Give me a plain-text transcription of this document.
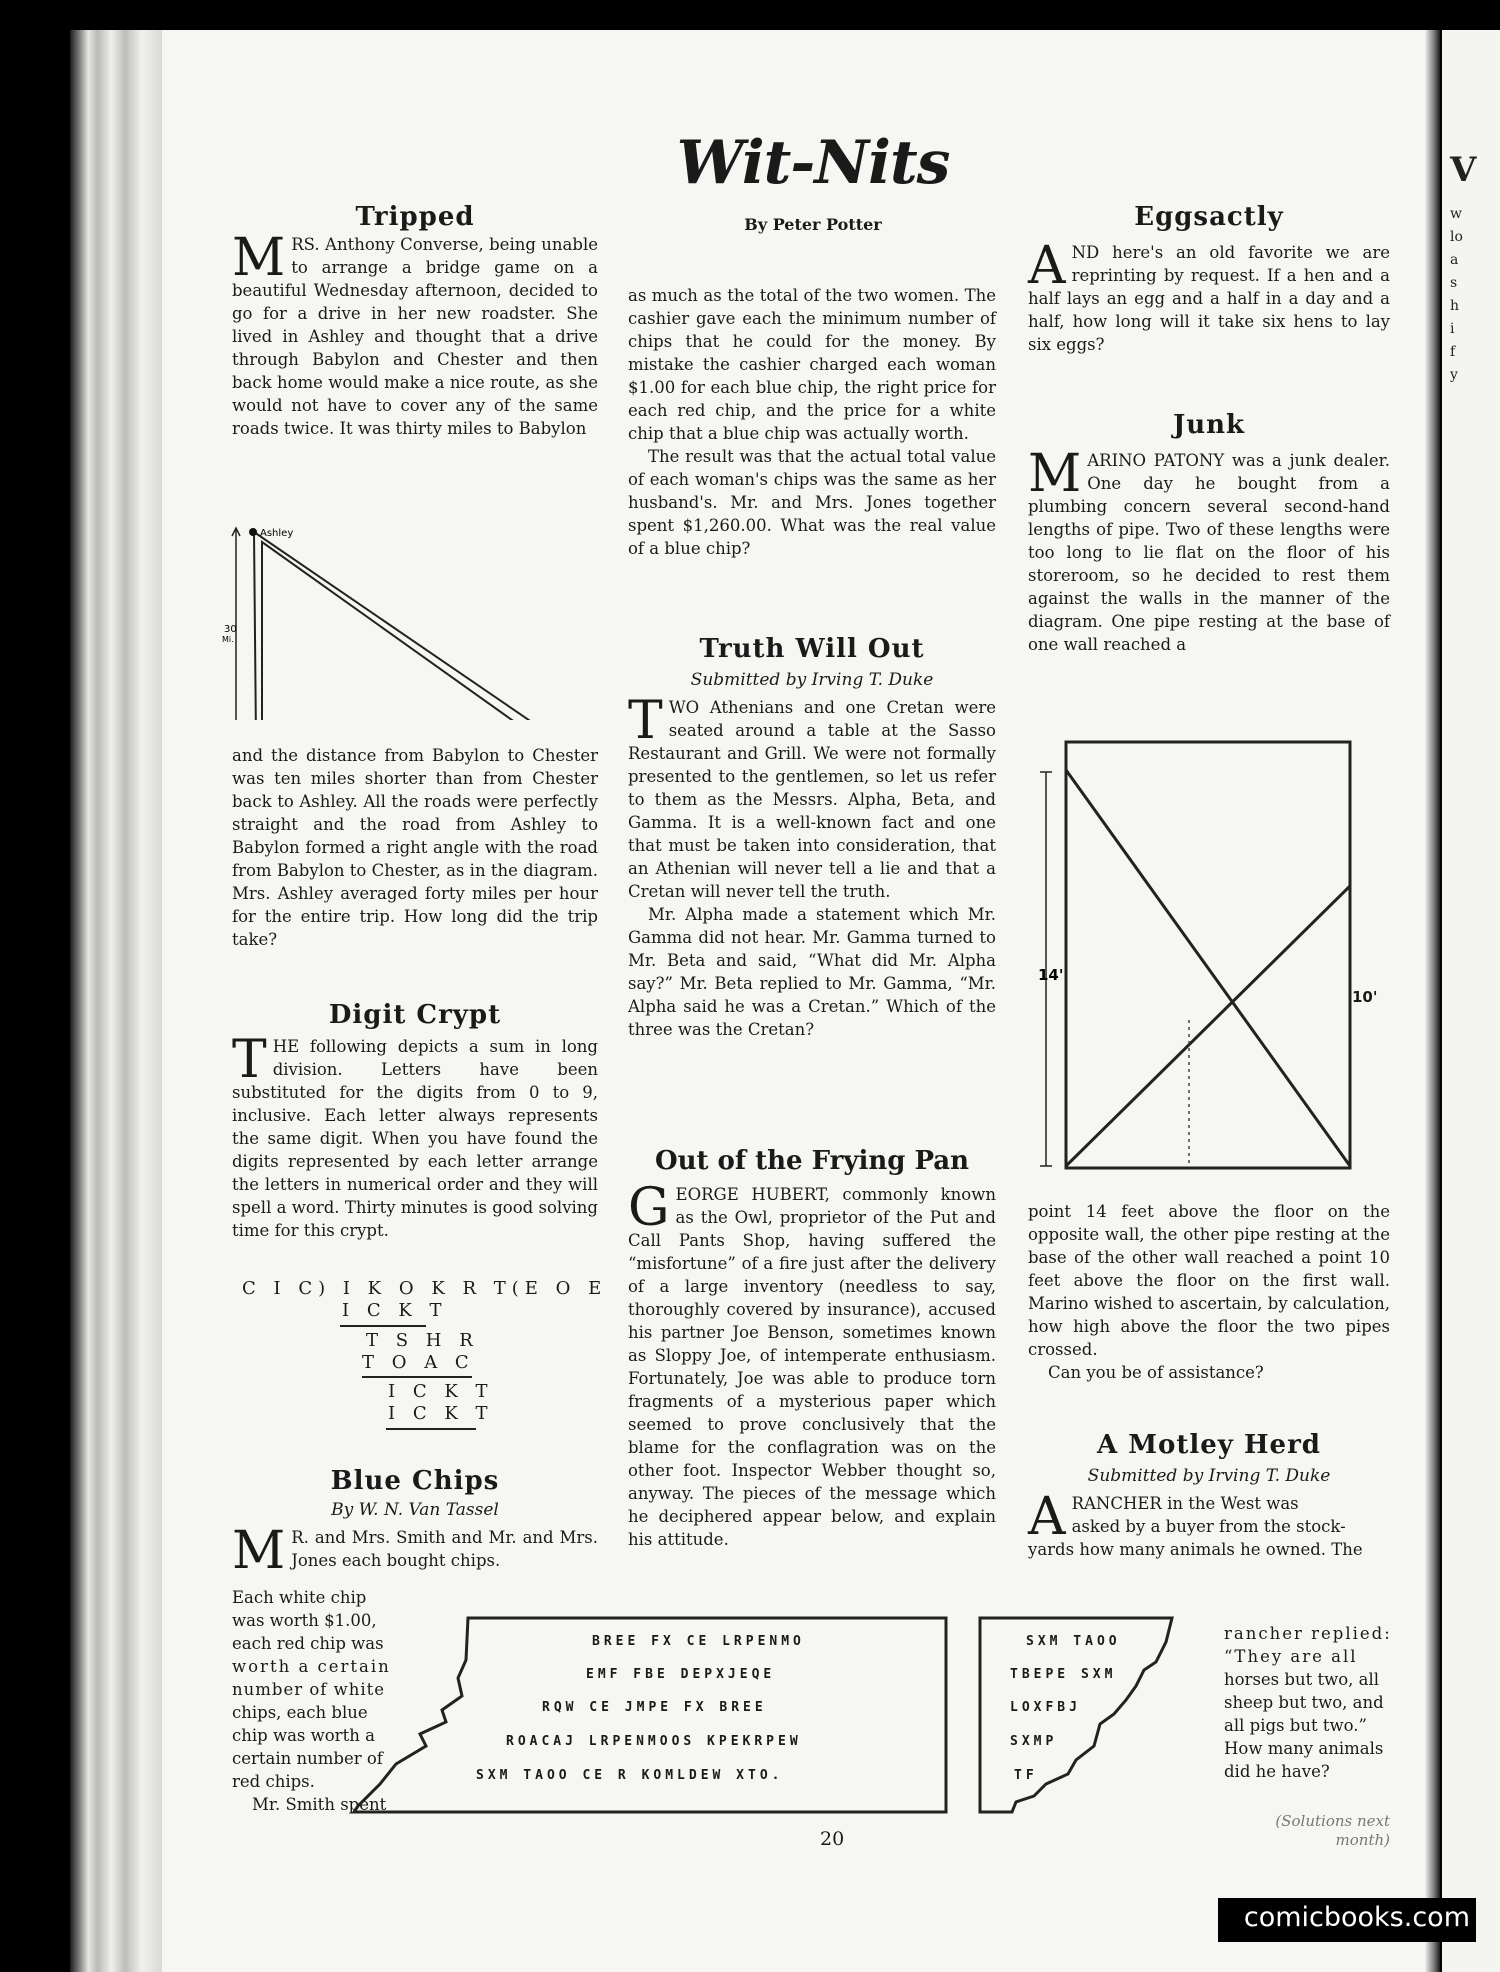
Wit-Nits
By Peter Potter
Tripped

MRS. Anthony Converse, being unable to arrange a bridge game on a beautiful Wednesday afternoon, decided to go for a drive in her new roadster. She lived in Ashley and thought that a drive through Babylon and Chester and then back home would make a nice route, as she would not have to cover any of the same roads twice. It was thirty miles to Babylon

Ashley
30
Mi.

and the distance from Babylon to Chester was ten miles shorter than from Chester back to Ashley. All the roads were perfectly straight and the road from Ashley to Babylon formed a right angle with the road from Babylon to Chester, as in the diagram. Mrs. Ashley averaged forty miles per hour for the entire trip. How long did the trip take?

Digit Crypt

THE following depicts a sum in long division. Letters have been substituted for the digits from 0 to 9, inclusive. Each letter always represents the same digit. When you have found the digits represented by each letter arrange the letters in numerical order and they will spell a word. Thirty minutes is good solving time for this crypt.

C I C) I K O K R T(E O E
I C K T
T S H R
T O A C
I C K T
I C K T
Blue Chips
By W. N. Van Tassel

M R. and Mrs. Smith and Mr. and Mrs. Jones each bought chips.

Each white chip
was worth $1.00,
each red chip was
worth a certain
number of white
chips, each blue
chip was worth a
certain number of
red chips.
Mr. Smith spent

as much as the total of the two women. The cashier gave each the minimum number of chips that he could for the money. By mistake the cashier charged each woman $1.00 for each blue chip, the right price for each red chip, and the price for a white chip that a blue chip was actually worth.

The result was that the actual total value of each woman's chips was the same as her husband's. Mr. and Mrs. Jones together spent $1,260.00. What was the real value of a blue chip?

Truth Will Out
Submitted by Irving T. Duke

TWO Athenians and one Cretan were seated around a table at the Sasso Restaurant and Grill. We were not formally presented to the gentlemen, so let us refer to them as the Messrs. Alpha, Beta, and Gamma. It is a well-known fact and one that must be taken into consideration, that an Athenian will never tell a lie and that a Cretan will never tell the truth.

Mr. Alpha made a statement which Mr. Gamma did not hear. Mr. Gamma turned to Mr. Beta and said, “What did Mr. Alpha say?” Mr. Beta replied to Mr. Gamma, “Mr. Alpha said he was a Cretan.” Which of the three was the Cretan?

Out of the Frying Pan

GEORGE HUBERT, commonly known as the Owl, proprietor of the Put and Call Pants Shop, having suffered the “misfortune” of a fire just after the delivery of a large inventory (needless to say, thoroughly covered by insurance), accused his partner Joe Benson, sometimes known as Sloppy Joe, of intemperate enthusiasm. Fortunately, Joe was able to produce torn fragments of a mysterious paper which seemed to prove conclusively that the blame for the conflagration was on the other foot. Inspector Webber thought so, anyway. The pieces of the message which he deciphered appear below, and explain his attitude.

BREE FX CE LRPENMO
EMF FBE DEPXJEQE
RQW CE JMPE FX BREE
ROACAJ LRPENMOOS KPEKRPEW
SXM TAOO CE R KOMLDEW XTO.
SXM TAOO
TBEPE SXM
LOXFBJ
SXMP
TF
Eggsactly

AND here's an old favorite we are reprinting by request. If a hen and a half lays an egg and a half in a day and a half, how long will it take six hens to lay six eggs?

Junk

MARINO PATONY was a junk dealer. One day he bought from a plumbing concern several second-hand lengths of pipe. Two of these lengths were too long to lie flat on the floor of his storeroom, so he decided to rest them against the walls in the manner of the diagram. One pipe resting at the base of one wall reached a

14'
10'

point 14 feet above the floor on the opposite wall, the other pipe resting at the base of the other wall reached a point 10 feet above the floor on the first wall. Marino wished to ascertain, by calculation, how high above the floor the two pipes crossed.

Can you be of assistance?

A Motley Herd
Submitted by Irving T. Duke
A RANCHER in the West was
asked by a buyer from the stock-
yards how many animals he owned. The
rancher replied:
“They are all
horses but two, all
sheep but two, and
all pigs but two.”
How many animals
did he have?
(Solutions next
month)
20
V
w
lo
a
s
h
i
f
y
comicbooks.com
